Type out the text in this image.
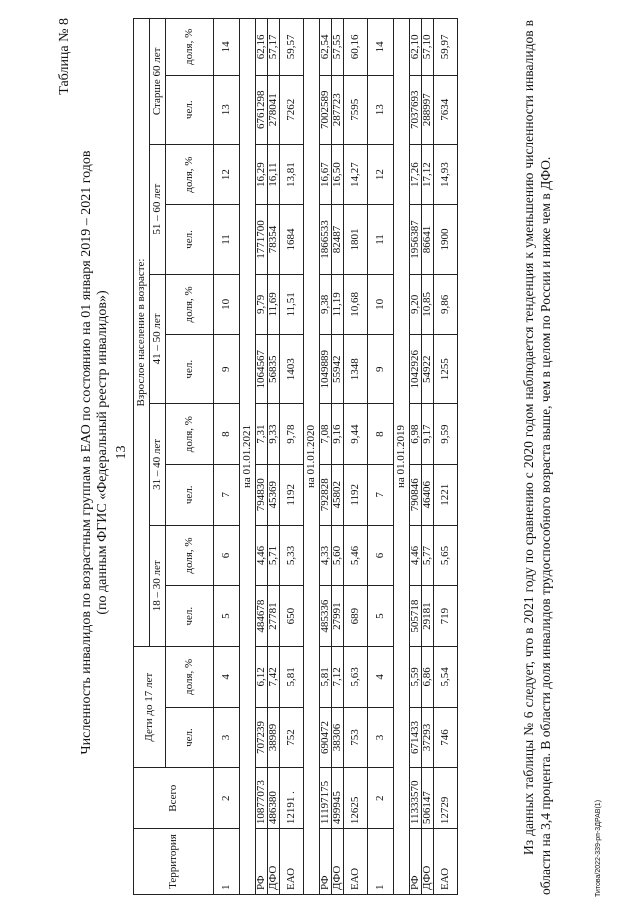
13
Таблица № 8
Численность инвалидов по возрастным группам в ЕАО по состоянию на 01 января 2019 – 2021 годов (по данным ФГИС «Федеральный реестр инвалидов»)
Территория	Всего	Дети до 17 лет		Взрослое население в возрасте:									
				18 – 30 лет		31 – 40 лет		41 – 50 лет		51 – 60 лет		Старше 60 лет	
		чел.	доля, %	чел.	доля, %	чел.	доля, %	чел.	доля, %	чел.	доля, %	чел.	доля, %
1	2	3	4	5	6	7	8	9	10	11	12	13	14
на 01.01.2021													
РФ	10877073	707239	6,12	484678	4,46	794830	7,31	1064567	9,79	1771700	16,29	6761298	62,16
ДФО	486380	38989	7,42	27781	5,71	45369	9,33	56835	11,69	78354	16,11	278041	57,17
ЕАО	12191 .	752	5,81	650	5,33	1192	9,78	1403	11,51	1684	13,81	7262	59,57
на 01.01.2020													
РФ	11197175	690472	5,81	485336	4,33	792828	7,08	1049889	9,38	1866533	16,67	7002589	62,54
ДФО	499945	38306	7,12	27991	5,60	45802	9,16	55942	11,19	82487	16,50	287723	57,55
ЕАО	12625	753	5,63	689	5,46	1192	9,44	1348	10,68	1801	14,27	7595	60,16
1	2	3	4	5	6	7	8	9	10	11	12	13	14
на 01.01.2019													
РФ	11333570	671433	5,59	505718	4,46	790846	6,98	1042926	9,20	1956387	17,26	7037693	62,10
ДФО	506147	37293	6,86	29181	5,77	46406	9,17	54922	10,85	86641	17,12	288997	57,10
ЕАО	12729	746	5,54	719	5,65	1221	9,59	1255	9,86	1900	14,93	7634	59,97	Из данных таблицы № 6 следует, что в 2021 году по сравнению с 2020 годом наблюдается тенденция к уменьшению численности инвалидов в области на 3,4 процента. В области доля инвалидов трудоспособного возраста выше, чем в целом по России и ниже чем в ДФО.	Титова/2022-339-рп-3ДРАВ(1)
